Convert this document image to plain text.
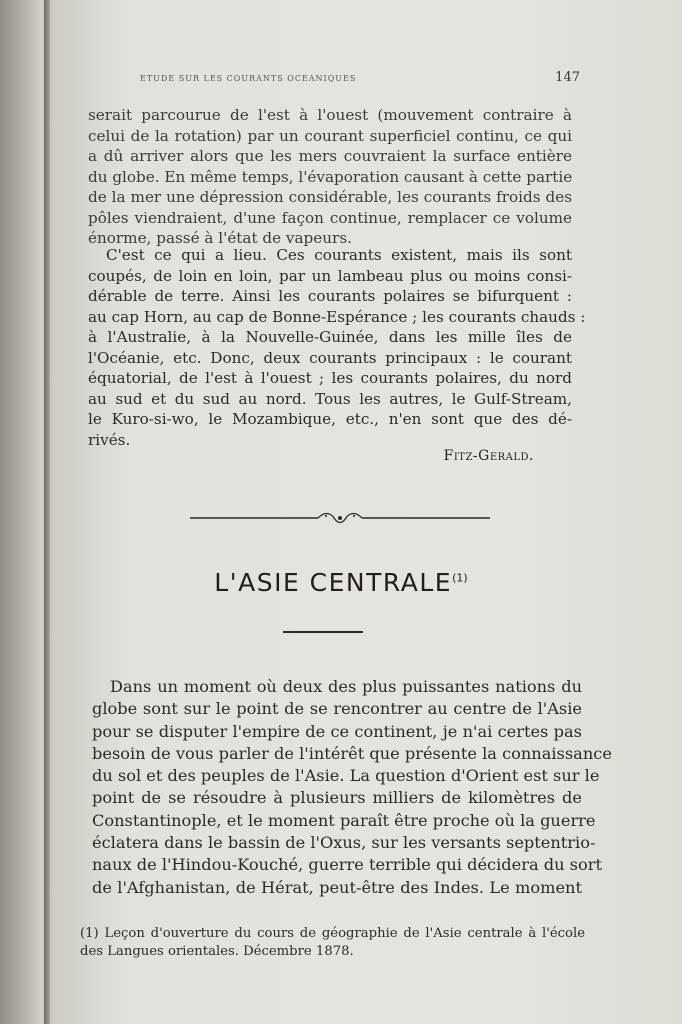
ETUDE SUR LES COURANTS OCEANIQUES	147
serait parcourue de l'est à l'ouest (mouvement contraire à
celui de la rotation) par un courant superficiel continu, ce qui
a dû arriver alors que les mers couvraient la surface entière
du globe. En même temps, l'évaporation causant à cette partie
de la mer une dépression considérable, les courants froids des
pôles viendraient, d'une façon continue, remplacer ce volume
énorme, passé à l'état de vapeurs.
C'est ce qui a lieu. Ces courants existent, mais ils sont
coupés, de loin en loin, par un lambeau plus ou moins consi-
dérable de terre. Ainsi les courants polaires se bifurquent :
au cap Horn, au cap de Bonne-Espérance ; les courants chauds :
à l'Australie, à la Nouvelle-Guinée, dans les mille îles de
l'Océanie, etc. Donc, deux courants principaux : le courant
équatorial, de l'est à l'ouest ; les courants polaires, du nord
au sud et du sud au nord. Tous les autres, le Gulf-Stream,
le Kuro-si-wo, le Mozambique, etc., n'en sont que des dé-
rivés.
Fitz-Gerald.
L'ASIE CENTRALE$^{(1)}$
Dans un moment où deux des plus puissantes nations du
globe sont sur le point de se rencontrer au centre de l'Asie
pour se disputer l'empire de ce continent, je n'ai certes pas
besoin de vous parler de l'intérêt que présente la connaissance
du sol et des peuples de l'Asie. La question d'Orient est sur le
point de se résoudre à plusieurs milliers de kilomètres de
Constantinople, et le moment paraît être proche où la guerre
éclatera dans le bassin de l'Oxus, sur les versants septentrio-
naux de l'Hindou-Kouché, guerre terrible qui décidera du sort
de l'Afghanistan, de Hérat, peut-être des Indes. Le moment
(1) Leçon d'ouverture du cours de géographie de l'Asie centrale à l'école
des Langues orientales. Décembre 1878.
